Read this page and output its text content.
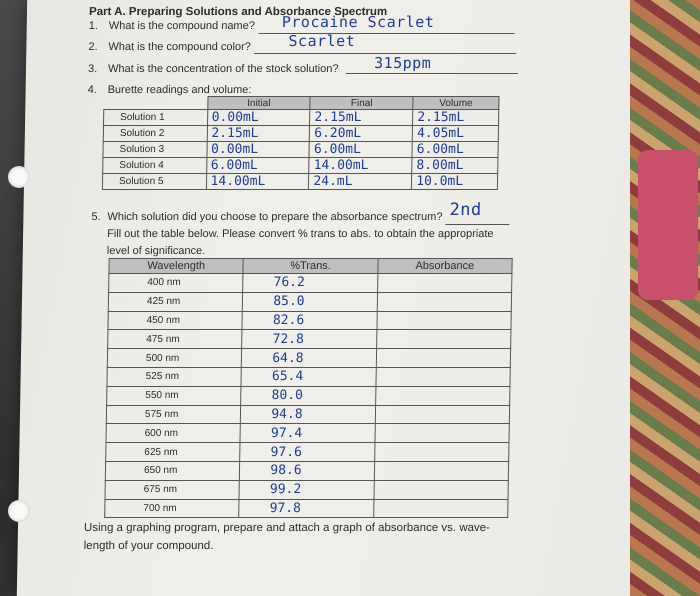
Part A. Preparing Solutions and Absorbance Spectrum
1. What is the compound name? Procaine Scarlet
2. What is the compound color? Scarlet
3. What is the concentration of the stock solution? 315ppm
4. Burette readings and volume:
	Initial	Final	Volume
Solution 1	0.00mL	2.15mL	2.15mL
Solution 2	2.15mL	6.20mL	4.05mL
Solution 3	0.00mL	6.00mL	6.00mL
Solution 4	6.00mL	14.00mL	8.00mL
Solution 5	14.00mL	24.mL	10.0mL
5. Which solution did you choose to prepare the absorbance spectrum? 2nd
Fill out the table below. Please convert % trans to abs. to obtain the appropriate
level of significance.
Wavelength	%Trans.	Absorbance
400 nm	76.2	
425 nm	85.0	
450 nm	82.6	
475 nm	72.8	
500 nm	64.8	
525 nm	65.4	
550 nm	80.0	
575 nm	94.8	
600 nm	97.4	
625 nm	97.6	
650 nm	98.6	
675 nm	99.2	
700 nm	97.8	
Using a graphing program, prepare and attach a graph of absorbance vs. wave-
length of your compound.
